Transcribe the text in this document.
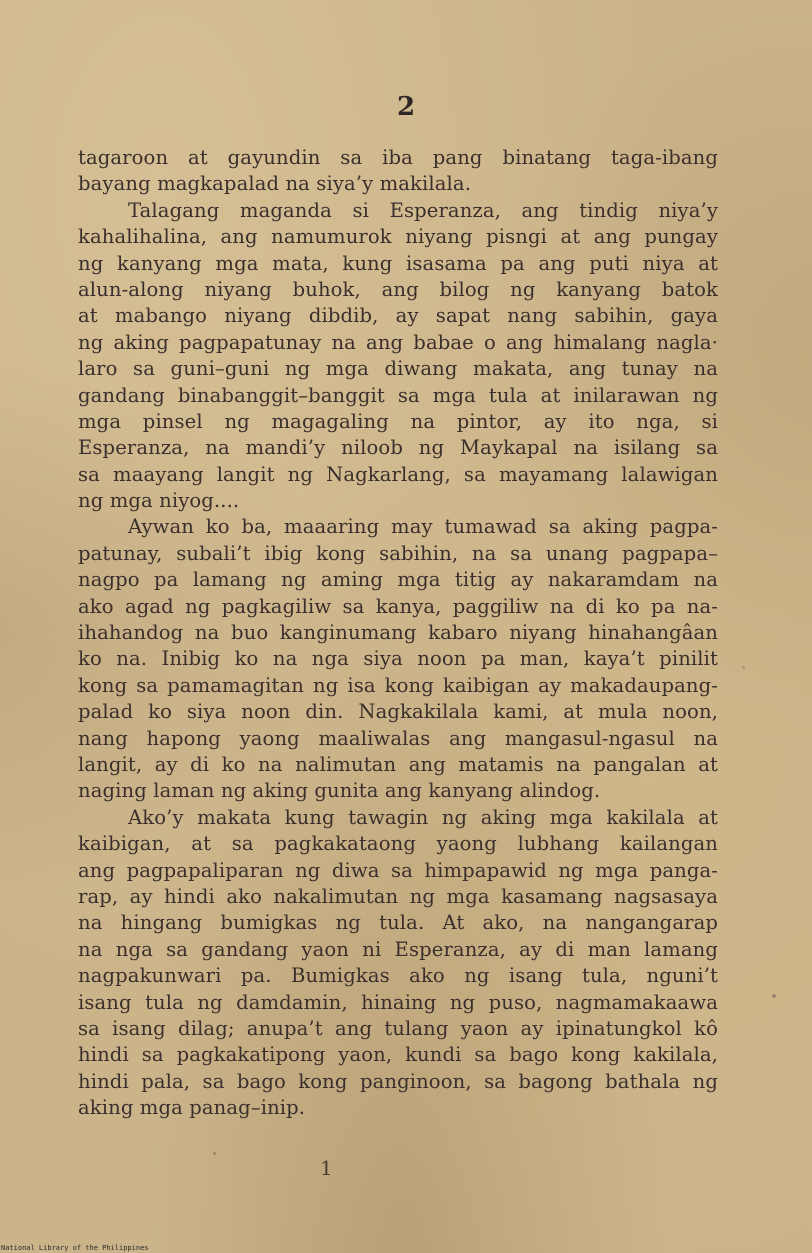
2
tagaroon at gayundin sa iba pang binatang taga-ibang
bayang magkapalad na siya’y makilala.
Talagang maganda si Esperanza, ang tindig niya’y
kahalihalina, ang namumurok niyang pisngi at ang pungay
ng kanyang mga mata, kung isasama pa ang puti niya at
alun-along niyang buhok, ang bilog ng kanyang batok
at mabango niyang dibdib, ay sapat nang sabihin, gaya
ng aking pagpapatunay na ang babae o ang himalang nagla·
laro sa guni–guni ng mga diwang makata, ang tunay na
gandang binabanggit–banggit sa mga tula at inilarawan ng
mga pinsel ng magagaling na pintor, ay ito nga, si
Esperanza, na mandi’y niloob ng Maykapal na isilang sa
sa maayang langit ng Nagkarlang, sa mayamang lalawigan
ng mga niyog....
Aywan ko ba, maaaring may tumawad sa aking pagpa-
patunay, subali’t ibig kong sabihin, na sa unang pagpapa–
nagpo pa lamang ng aming mga titig ay nakaramdam na
ako agad ng pagkagiliw sa kanya, paggiliw na di ko pa na-
ihahandog na buo kanginumang kabaro niyang hinahangâan
ko na. Inibig ko na nga siya noon pa man, kaya’t pinilit
kong sa pamamagitan ng isa kong kaibigan ay makadaupang-
palad ko siya noon din. Nagkakilala kami, at mula noon,
nang hapong yaong maaliwalas ang mangasul-ngasul na
langit, ay di ko na nalimutan ang matamis na pangalan at
naging laman ng aking gunita ang kanyang alindog.
Ako’y makata kung tawagin ng aking mga kakilala at
kaibigan, at sa pagkakataong yaong lubhang kailangan
ang pagpapaliparan ng diwa sa himpapawid ng mga panga-
rap, ay hindi ako nakalimutan ng mga kasamang nagsasaya
na hingang bumigkas ng tula. At ako, na nangangarap
na nga sa gandang yaon ni Esperanza, ay di man lamang
nagpakunwari pa. Bumigkas ako ng isang tula, nguni’t
isang tula ng damdamin, hinaing ng puso, nagmamakaawa
sa isang dilag; anupa’t ang tulang yaon ay ipinatungkol kô
hindi sa pagkakatipong yaon, kundi sa bago kong kakilala,
hindi pala, sa bago kong panginoon, sa bagong bathala ng
aking mga panag–inip.
1
National Library of the Philippines
